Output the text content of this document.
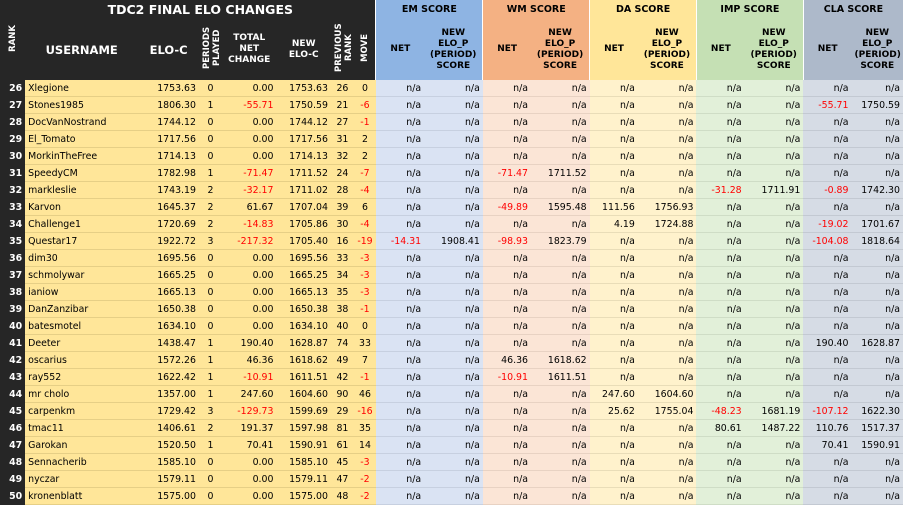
RANK	TDC2 FINAL ELO CHANGES							EM SCORE		WM SCORE		DA SCORE		IMP SCORE		CLA SCORE	
	USERNAME	ELO-C	PERIODS PLAYED	TOTAL NET CHANGE	NEW ELO-C	PREVIOUS RANK	MOVE	NET	NEW ELO_P (PERIOD) SCORE	NET	NEW ELO_P (PERIOD) SCORE	NET	NEW ELO_P (PERIOD) SCORE	NET	NEW ELO_P (PERIOD) SCORE	NET	NEW ELO_P (PERIOD) SCORE
26	Xlegione	1753.63	0	0.00	1753.63	26	0	n/a	n/a	n/a	n/a	n/a	n/a	n/a	n/a	n/a	n/a
27	Stones1985	1806.30	1	-55.71	1750.59	21	-6	n/a	n/a	n/a	n/a	n/a	n/a	n/a	n/a	-55.71	1750.59
28	DocVanNostrand	1744.12	0	0.00	1744.12	27	-1	n/a	n/a	n/a	n/a	n/a	n/a	n/a	n/a	n/a	n/a
29	El_Tomato	1717.56	0	0.00	1717.56	31	2	n/a	n/a	n/a	n/a	n/a	n/a	n/a	n/a	n/a	n/a
30	MorkinTheFree	1714.13	0	0.00	1714.13	32	2	n/a	n/a	n/a	n/a	n/a	n/a	n/a	n/a	n/a	n/a
31	SpeedyCM	1782.98	1	-71.47	1711.52	24	-7	n/a	n/a	-71.47	1711.52	n/a	n/a	n/a	n/a	n/a	n/a
32	markleslie	1743.19	2	-32.17	1711.02	28	-4	n/a	n/a	n/a	n/a	n/a	n/a	-31.28	1711.91	-0.89	1742.30
33	Karvon	1645.37	2	61.67	1707.04	39	6	n/a	n/a	-49.89	1595.48	111.56	1756.93	n/a	n/a	n/a	n/a
34	Challenge1	1720.69	2	-14.83	1705.86	30	-4	n/a	n/a	n/a	n/a	4.19	1724.88	n/a	n/a	-19.02	1701.67
35	Questar17	1922.72	3	-217.32	1705.40	16	-19	-14.31	1908.41	-98.93	1823.79	n/a	n/a	n/a	n/a	-104.08	1818.64
36	dim30	1695.56	0	0.00	1695.56	33	-3	n/a	n/a	n/a	n/a	n/a	n/a	n/a	n/a	n/a	n/a
37	schmolywar	1665.25	0	0.00	1665.25	34	-3	n/a	n/a	n/a	n/a	n/a	n/a	n/a	n/a	n/a	n/a
38	ianiow	1665.13	0	0.00	1665.13	35	-3	n/a	n/a	n/a	n/a	n/a	n/a	n/a	n/a	n/a	n/a
39	DanZanzibar	1650.38	0	0.00	1650.38	38	-1	n/a	n/a	n/a	n/a	n/a	n/a	n/a	n/a	n/a	n/a
40	batesmotel	1634.10	0	0.00	1634.10	40	0	n/a	n/a	n/a	n/a	n/a	n/a	n/a	n/a	n/a	n/a
41	Deeter	1438.47	1	190.40	1628.87	74	33	n/a	n/a	n/a	n/a	n/a	n/a	n/a	n/a	190.40	1628.87
42	oscarius	1572.26	1	46.36	1618.62	49	7	n/a	n/a	46.36	1618.62	n/a	n/a	n/a	n/a	n/a	n/a
43	ray552	1622.42	1	-10.91	1611.51	42	-1	n/a	n/a	-10.91	1611.51	n/a	n/a	n/a	n/a	n/a	n/a
44	mr cholo	1357.00	1	247.60	1604.60	90	46	n/a	n/a	n/a	n/a	247.60	1604.60	n/a	n/a	n/a	n/a
45	carpenkm	1729.42	3	-129.73	1599.69	29	-16	n/a	n/a	n/a	n/a	25.62	1755.04	-48.23	1681.19	-107.12	1622.30
46	tmac11	1406.61	2	191.37	1597.98	81	35	n/a	n/a	n/a	n/a	n/a	n/a	80.61	1487.22	110.76	1517.37
47	Garokan	1520.50	1	70.41	1590.91	61	14	n/a	n/a	n/a	n/a	n/a	n/a	n/a	n/a	70.41	1590.91
48	Sennacherib	1585.10	0	0.00	1585.10	45	-3	n/a	n/a	n/a	n/a	n/a	n/a	n/a	n/a	n/a	n/a
49	nyczar	1579.11	0	0.00	1579.11	47	-2	n/a	n/a	n/a	n/a	n/a	n/a	n/a	n/a	n/a	n/a
50	kronenblatt	1575.00	0	0.00	1575.00	48	-2	n/a	n/a	n/a	n/a	n/a	n/a	n/a	n/a	n/a	n/a
